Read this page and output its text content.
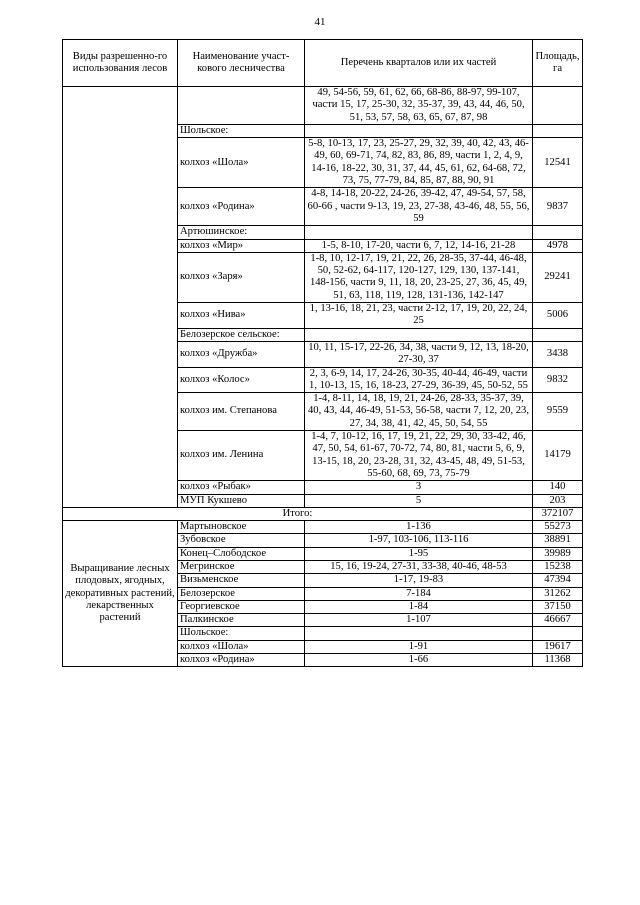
41
Виды разрешенно-го использования лесов	Наименование участ-кового лесничества	Перечень кварталов или их частей	Площадь, га
		49, 54-56, 59, 61, 62, 66, 68-86, 88-97, 99-107, части 15, 17, 25-30, 32, 35-37, 39, 43, 44, 46, 50, 51, 53, 57, 58, 63, 65, 67, 87, 98	
	Шольское:		
	колхоз «Шола»	5-8, 10-13, 17, 23, 25-27, 29, 32, 39, 40, 42, 43, 46-49, 60, 69-71, 74, 82, 83, 86, 89, части 1, 2, 4, 9, 14-16, 18-22, 30, 31, 37, 44, 45, 61, 62, 64-68, 72, 73, 75, 77-79, 84, 85, 87, 88, 90, 91	12541
	колхоз «Родина»	4-8, 14-18, 20-22, 24-26, 39-42, 47, 49-54, 57, 58, 60-66 , части 9-13, 19, 23, 27-38, 43-46, 48, 55, 56, 59	9837
	Артюшинское:		
	колхоз «Мир»	1-5, 8-10, 17-20, части 6, 7, 12, 14-16, 21-28	4978
	колхоз «Заря»	1-8, 10, 12-17, 19, 21, 22, 26, 28-35, 37-44, 46-48, 50, 52-62, 64-117, 120-127, 129, 130, 137-141, 148-156, части 9, 11, 18, 20, 23-25, 27, 36, 45, 49, 51, 63, 118, 119, 128, 131-136, 142-147	29241
	колхоз «Нива»	1, 13-16, 18, 21, 23, части 2-12, 17, 19, 20, 22, 24, 25	5006
	Белозерское сельское:		
	колхоз «Дружба»	10, 11, 15-17, 22-26, 34, 38, части 9, 12, 13, 18-20, 27-30, 37	3438
	колхоз «Колос»	2, 3, 6-9, 14, 17, 24-26, 30-35, 40-44, 46-49, части 1, 10-13, 15, 16, 18-23, 27-29, 36-39, 45, 50-52, 55	9832
	колхоз им. Степанова	1-4, 8-11, 14, 18, 19, 21, 24-26, 28-33, 35-37, 39, 40, 43, 44, 46-49, 51-53, 56-58, части 7, 12, 20, 23, 27, 34, 38, 41, 42, 45, 50, 54, 55	9559
	колхоз им. Ленина	1-4, 7, 10-12, 16, 17, 19, 21, 22, 29, 30, 33-42, 46, 47, 50, 54, 61-67, 70-72, 74, 80, 81, части 5, 6, 9, 13-15, 18, 20, 23-28, 31, 32, 43-45, 48, 49, 51-53, 55-60, 68, 69, 73, 75-79	14179
	колхоз «Рыбак»	3	140
	МУП Кукшево	5	203
Итого:			372107
Выращивание лесных плодовых, ягодных, декоративных растений, лекарственных растений	Мартыновское	1-136	55273
	Зубовское	1-97, 103-106, 113-116	38891
	Конец–Слободское	1-95	39989
	Мегринское	15, 16, 19-24, 27-31, 33-38, 40-46, 48-53	15238
	Визьменское	1-17, 19-83	47394
	Белозерское	7-184	31262
	Георгиевское	1-84	37150
	Палкинское	1-107	46667
	Шольское:		
	колхоз «Шола»	1-91	19617
	колхоз «Родина»	1-66	11368
